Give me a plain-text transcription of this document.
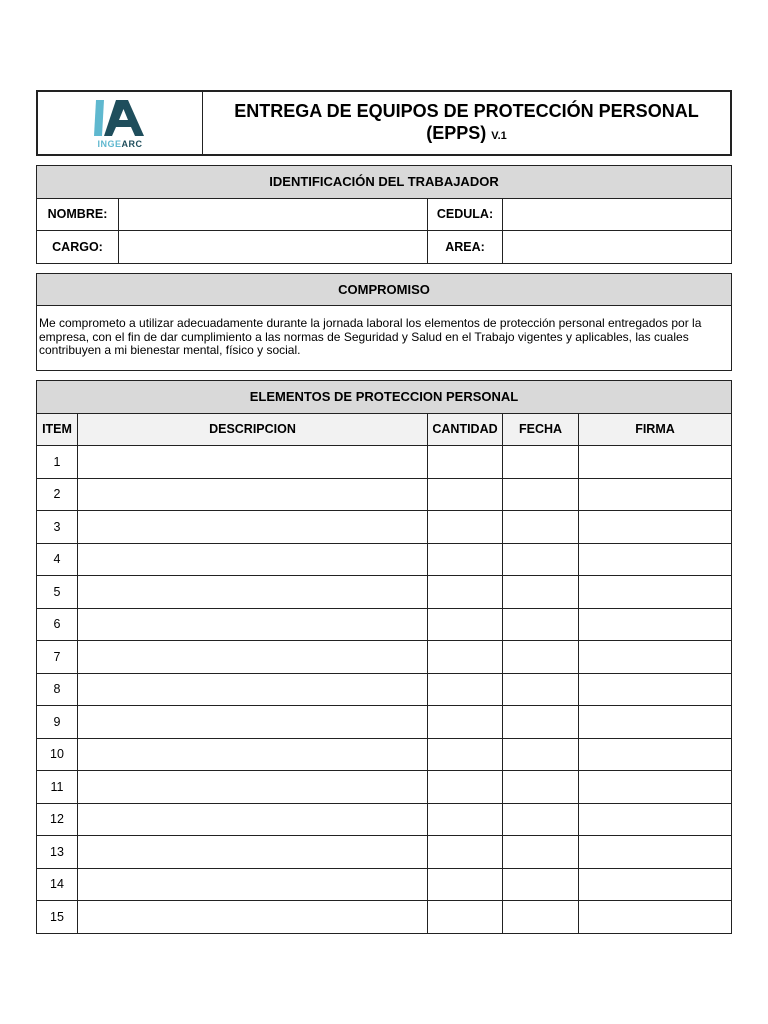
INGEARC
ENTREGA DE EQUIPOS DE PROTECCIÓN PERSONAL
(EPPS) V.1
IDENTIFICACIÓN DEL TRABAJADOR			
NOMBRE:		CEDULA:	
CARGO:		AREA:	
COMPROMISO
Me comprometo a utilizar adecuadamente durante la jornada laboral los elementos de protección personal entregados por la empresa, con el fin de dar cumplimiento a las normas de Seguridad y Salud en el Trabajo vigentes y aplicables, las cuales contribuyen a mi bienestar mental, físico y social.
ELEMENTOS DE PROTECCION PERSONAL				
ITEM	DESCRIPCION	CANTIDAD	FECHA	FIRMA
1				
2				
3				
4				
5				
6				
7				
8				
9				
10				
11				
12				
13				
14				
15				
